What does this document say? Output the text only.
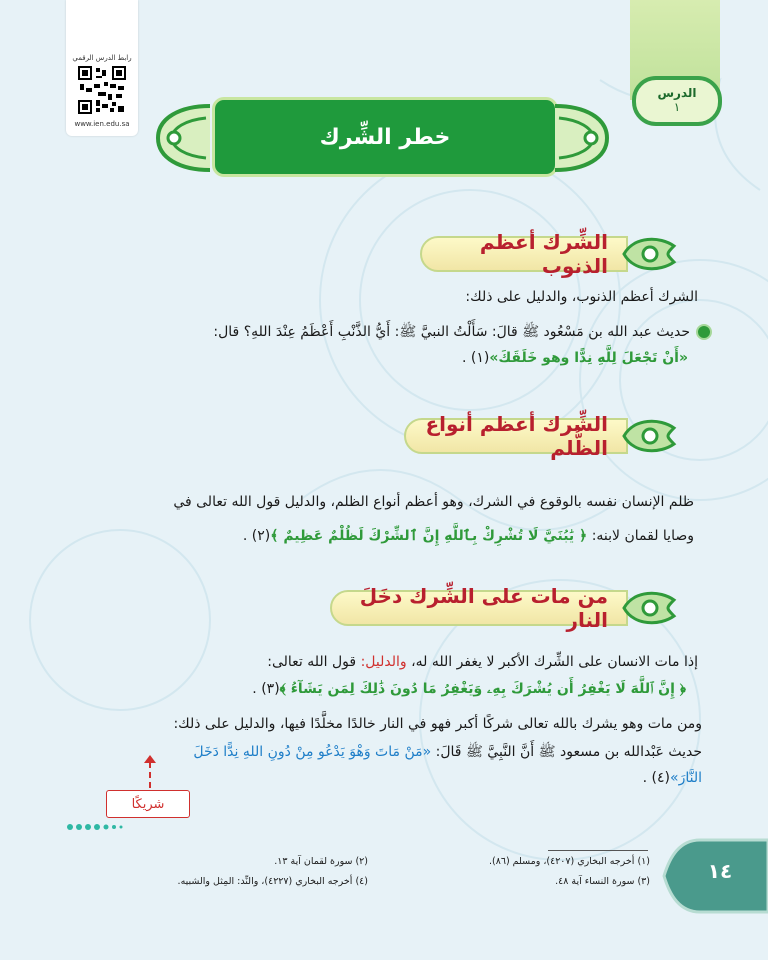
رابط الدرس الرقمي
www.ien.edu.sa
الدرس
١
خطر الشِّرك
الشِّرك أعظم الذنوب
الشرك أعظم الذنوب، والدليل على ذلك:
حديث عبد الله بن مَسْعُود ﷺ قالَ: سَأَلْتُ النبيَّ ﷺ: أَيُّ الذَّنْبِ أَعْظَمُ عِنْدَ اللهِ؟ قال:
«أَنْ تَجْعَلَ لِلَّهِ نِدًّا وهو خَلَقَكَ»(١) .
الشِّرك أعظم أنواع الظُّلم
ظلم الإنسان نفسه بالوقوع في الشرك، وهو أعظم أنواع الظلم، والدليل قول الله تعالى في
وصايا لقمان لابنه: ﴿ يَٰبُنَيَّ لَا تُشْرِكْ بِٱللَّهِ إِنَّ ٱلشِّرْكَ لَظُلْمٌ عَظِيمٌ ﴾(٢) .
من مات على الشِّرك دخَلَ النار
إذا مات الانسان على الشِّرك الأكبر لا يغفر الله له، والدليل: قول الله تعالى:
﴿ إِنَّ ٱللَّهَ لَا يَغْفِرُ أَن يُشْرَكَ بِهِۦ وَيَغْفِرُ مَا دُونَ ذَٰلِكَ لِمَن يَشَآءُ ﴾(٣) .
ومن مات وهو يشرك بالله تعالى شركًا أكبر فهو في النار خالدًا مخلَّدًا فيها، والدليل على ذلك:
حديث عَبْدالله بن مسعود ﷺ أَنَّ النَّبِيَّ ﷺ قَالَ: «مَنْ مَاتَ وَهْوَ يَدْعُو مِنْ دُونِ اللهِ نِدًّا دَخَلَ
النَّارَ»(٤) .
شريكًا
(١) أخرجه البخاري (٤٢٠٧)، ومسلم (٨٦).
(٢) سورة لقمان آية ١٣.
(٣) سورة النساء آية ٤٨.
(٤) أخرجه البخاري (٤٢٢٧)، والنِّد: المِثل والشبيه.	١٤
